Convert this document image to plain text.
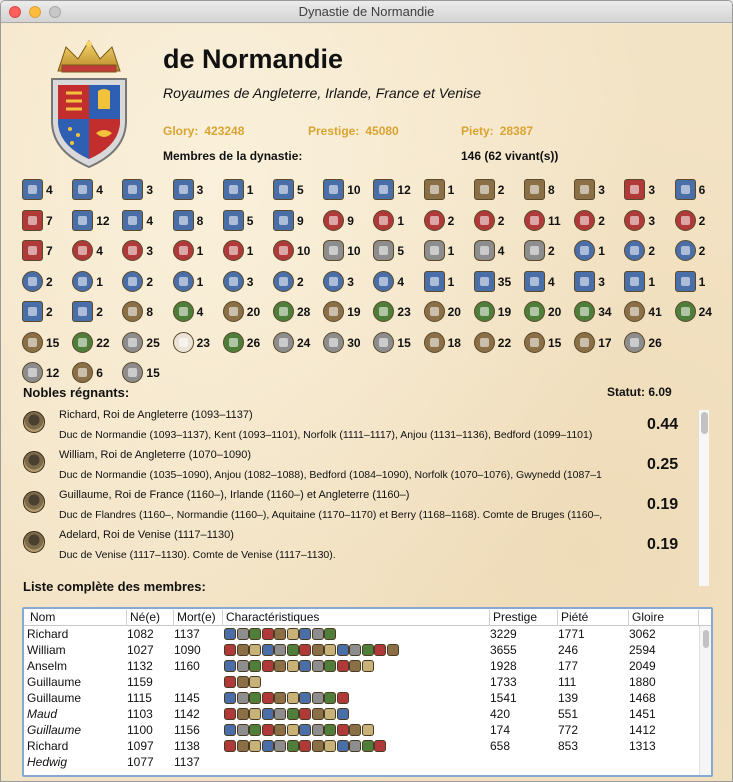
Dynastie de Normandie
de Normandie
Royaumes de Angleterre, Irlande, France et Venise
Glory: 423248	Prestige: 45080	Piety: 28387
Membres de la dynastie:	146 (62 vivant(s))
4	4	3	3	1	5	10	12	1	2	8	3	3	6
7	12	4	8	5	9	9	1	2	2	11	2	3	2
7	4	3	1	1	10	10	5	1	4	2	1	2	2
2	1	2	1	3	2	3	4	1	35	4	3	1	1
2	2	8	4	20	28	19	23	20	19	20	34	41	24
15	22	25	23	26	24	30	15	18	22	15	17	26
12	6	15
Nobles régnants:	Statut: 6.09
Richard, Roi de Angleterre (1093–1137)
Duc de Normandie (1093–1137), Kent (1093–1101), Norfolk (1111–1117), Anjou (1131–1136), Bedford (1099–1101)
0.44
William, Roi de Angleterre (1070–1090)
Duc de Normandie (1035–1090), Anjou (1082–1088), Bedford (1084–1090), Norfolk (1070–1076), Gwynedd (1087–1
0.25
Guillaume, Roi de France (1160–), Irlande (1160–) et Angleterre (1160–)
Duc de Flandres (1160–, Normandie (1160–), Aquitaine (1170–1170) et Berry (1168–1168). Comte de Bruges (1160–,
0.19
Adelard, Roi de Venise (1117–1130)
Duc de Venise (1117–1130). Comte de Venise (1117–1130).
0.19
Liste complète des membres:
Nom	Né(e)	Mort(e) Charactéristiques	Prestige	Piété	Gloire
Richard	1082 1137	3229	1771	3062
William	1027 1090	3655	246	2594
Anselm	1132 1160	1928	177	2049
Guillaume	1159	1733	111	1880
Guillaume	1115 1145	1541	139	1468
Maud	1103 1142	420	551	1451
Guillaume	1100 1156	174	772	1412
Richard	1097 1138	658	853	1313
Hedwig	1077 1137
